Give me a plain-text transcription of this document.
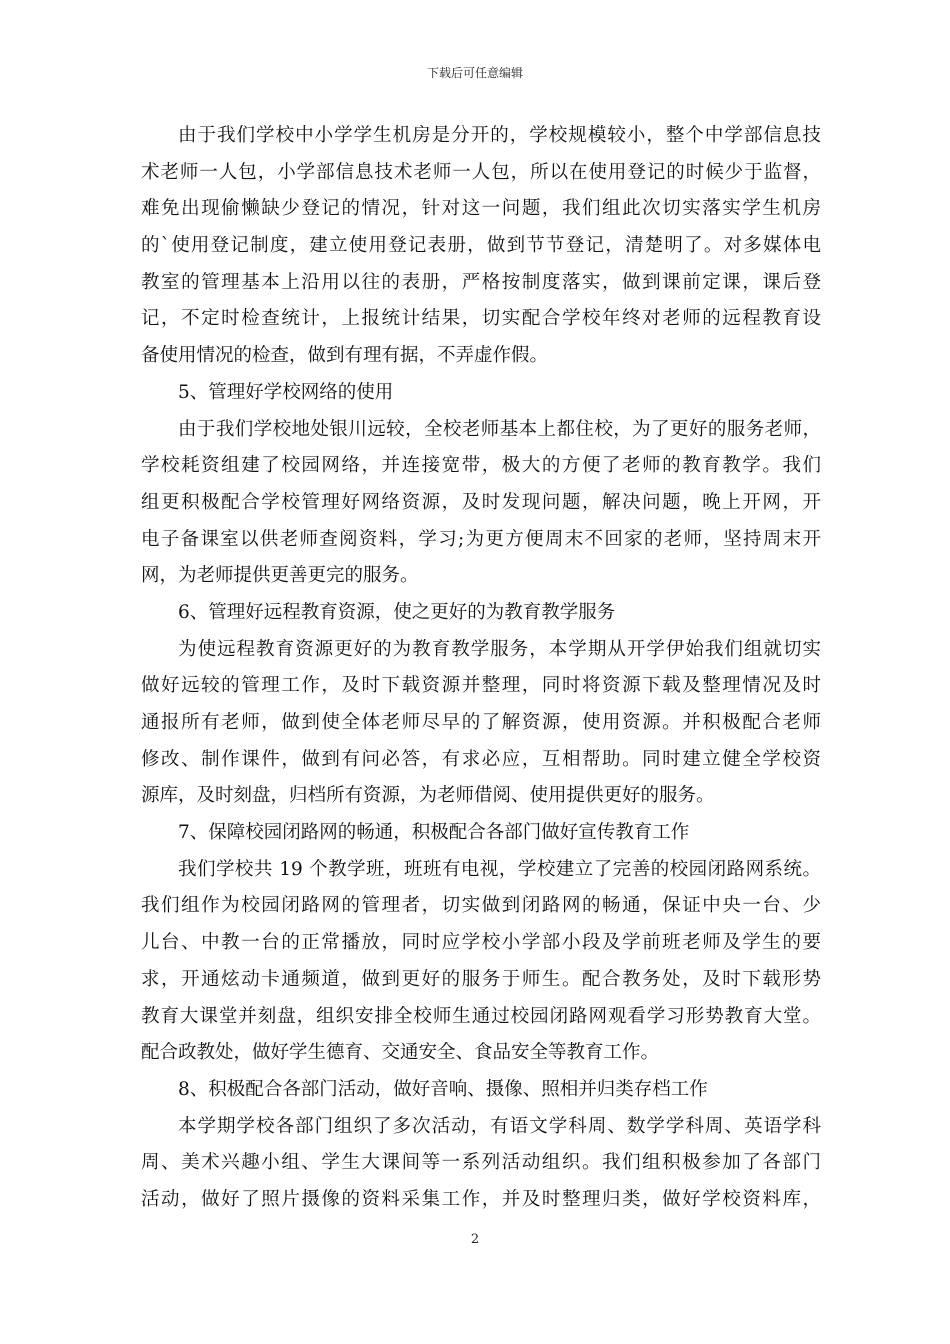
下载后可任意编辑
由于我们学校中小学学生机房是分开的，学校规模较小，整个中学部信息技
术老师一人包，小学部信息技术老师一人包，所以在使用登记的时候少于监督，
难免出现偷懒缺少登记的情况，针对这一问题，我们组此次切实落实学生机房
的`使用登记制度，建立使用登记表册，做到节节登记，清楚明了。对多媒体电
教室的管理基本上沿用以往的表册，严格按制度落实，做到课前定课，课后登
记，不定时检查统计，上报统计结果，切实配合学校年终对老师的远程教育设
备使用情况的检查，做到有理有据，不弄虚作假。
5、管理好学校网络的使用
由于我们学校地处银川远较，全校老师基本上都住校，为了更好的服务老师，
学校耗资组建了校园网络，并连接宽带，极大的方便了老师的教育教学。我们
组更积极配合学校管理好网络资源，及时发现问题，解决问题，晚上开网，开
电子备课室以供老师查阅资料，学习;为更方便周末不回家的老师，坚持周末开
网，为老师提供更善更完的服务。
6、管理好远程教育资源，使之更好的为教育教学服务
为使远程教育资源更好的为教育教学服务，本学期从开学伊始我们组就切实
做好远较的管理工作，及时下载资源并整理，同时将资源下载及整理情况及时
通报所有老师，做到使全体老师尽早的了解资源，使用资源。并积极配合老师
修改、制作课件，做到有问必答，有求必应，互相帮助。同时建立健全学校资
源库，及时刻盘，归档所有资源，为老师借阅、使用提供更好的服务。
7、保障校园闭路网的畅通，积极配合各部门做好宣传教育工作
我们学校共 19 个教学班，班班有电视，学校建立了完善的校园闭路网系统。
我们组作为校园闭路网的管理者，切实做到闭路网的畅通，保证中央一台、少
儿台、中教一台的正常播放，同时应学校小学部小段及学前班老师及学生的要
求，开通炫动卡通频道，做到更好的服务于师生。配合教务处，及时下载形势
教育大课堂并刻盘，组织安排全校师生通过校园闭路网观看学习形势教育大堂。
配合政教处，做好学生德育、交通安全、食品安全等教育工作。
8、积极配合各部门活动，做好音响、摄像、照相并归类存档工作
本学期学校各部门组织了多次活动，有语文学科周、数学学科周、英语学科
周、美术兴趣小组、学生大课间等一系列活动组织。我们组积极参加了各部门
活动，做好了照片摄像的资料采集工作，并及时整理归类，做好学校资料库，
2
